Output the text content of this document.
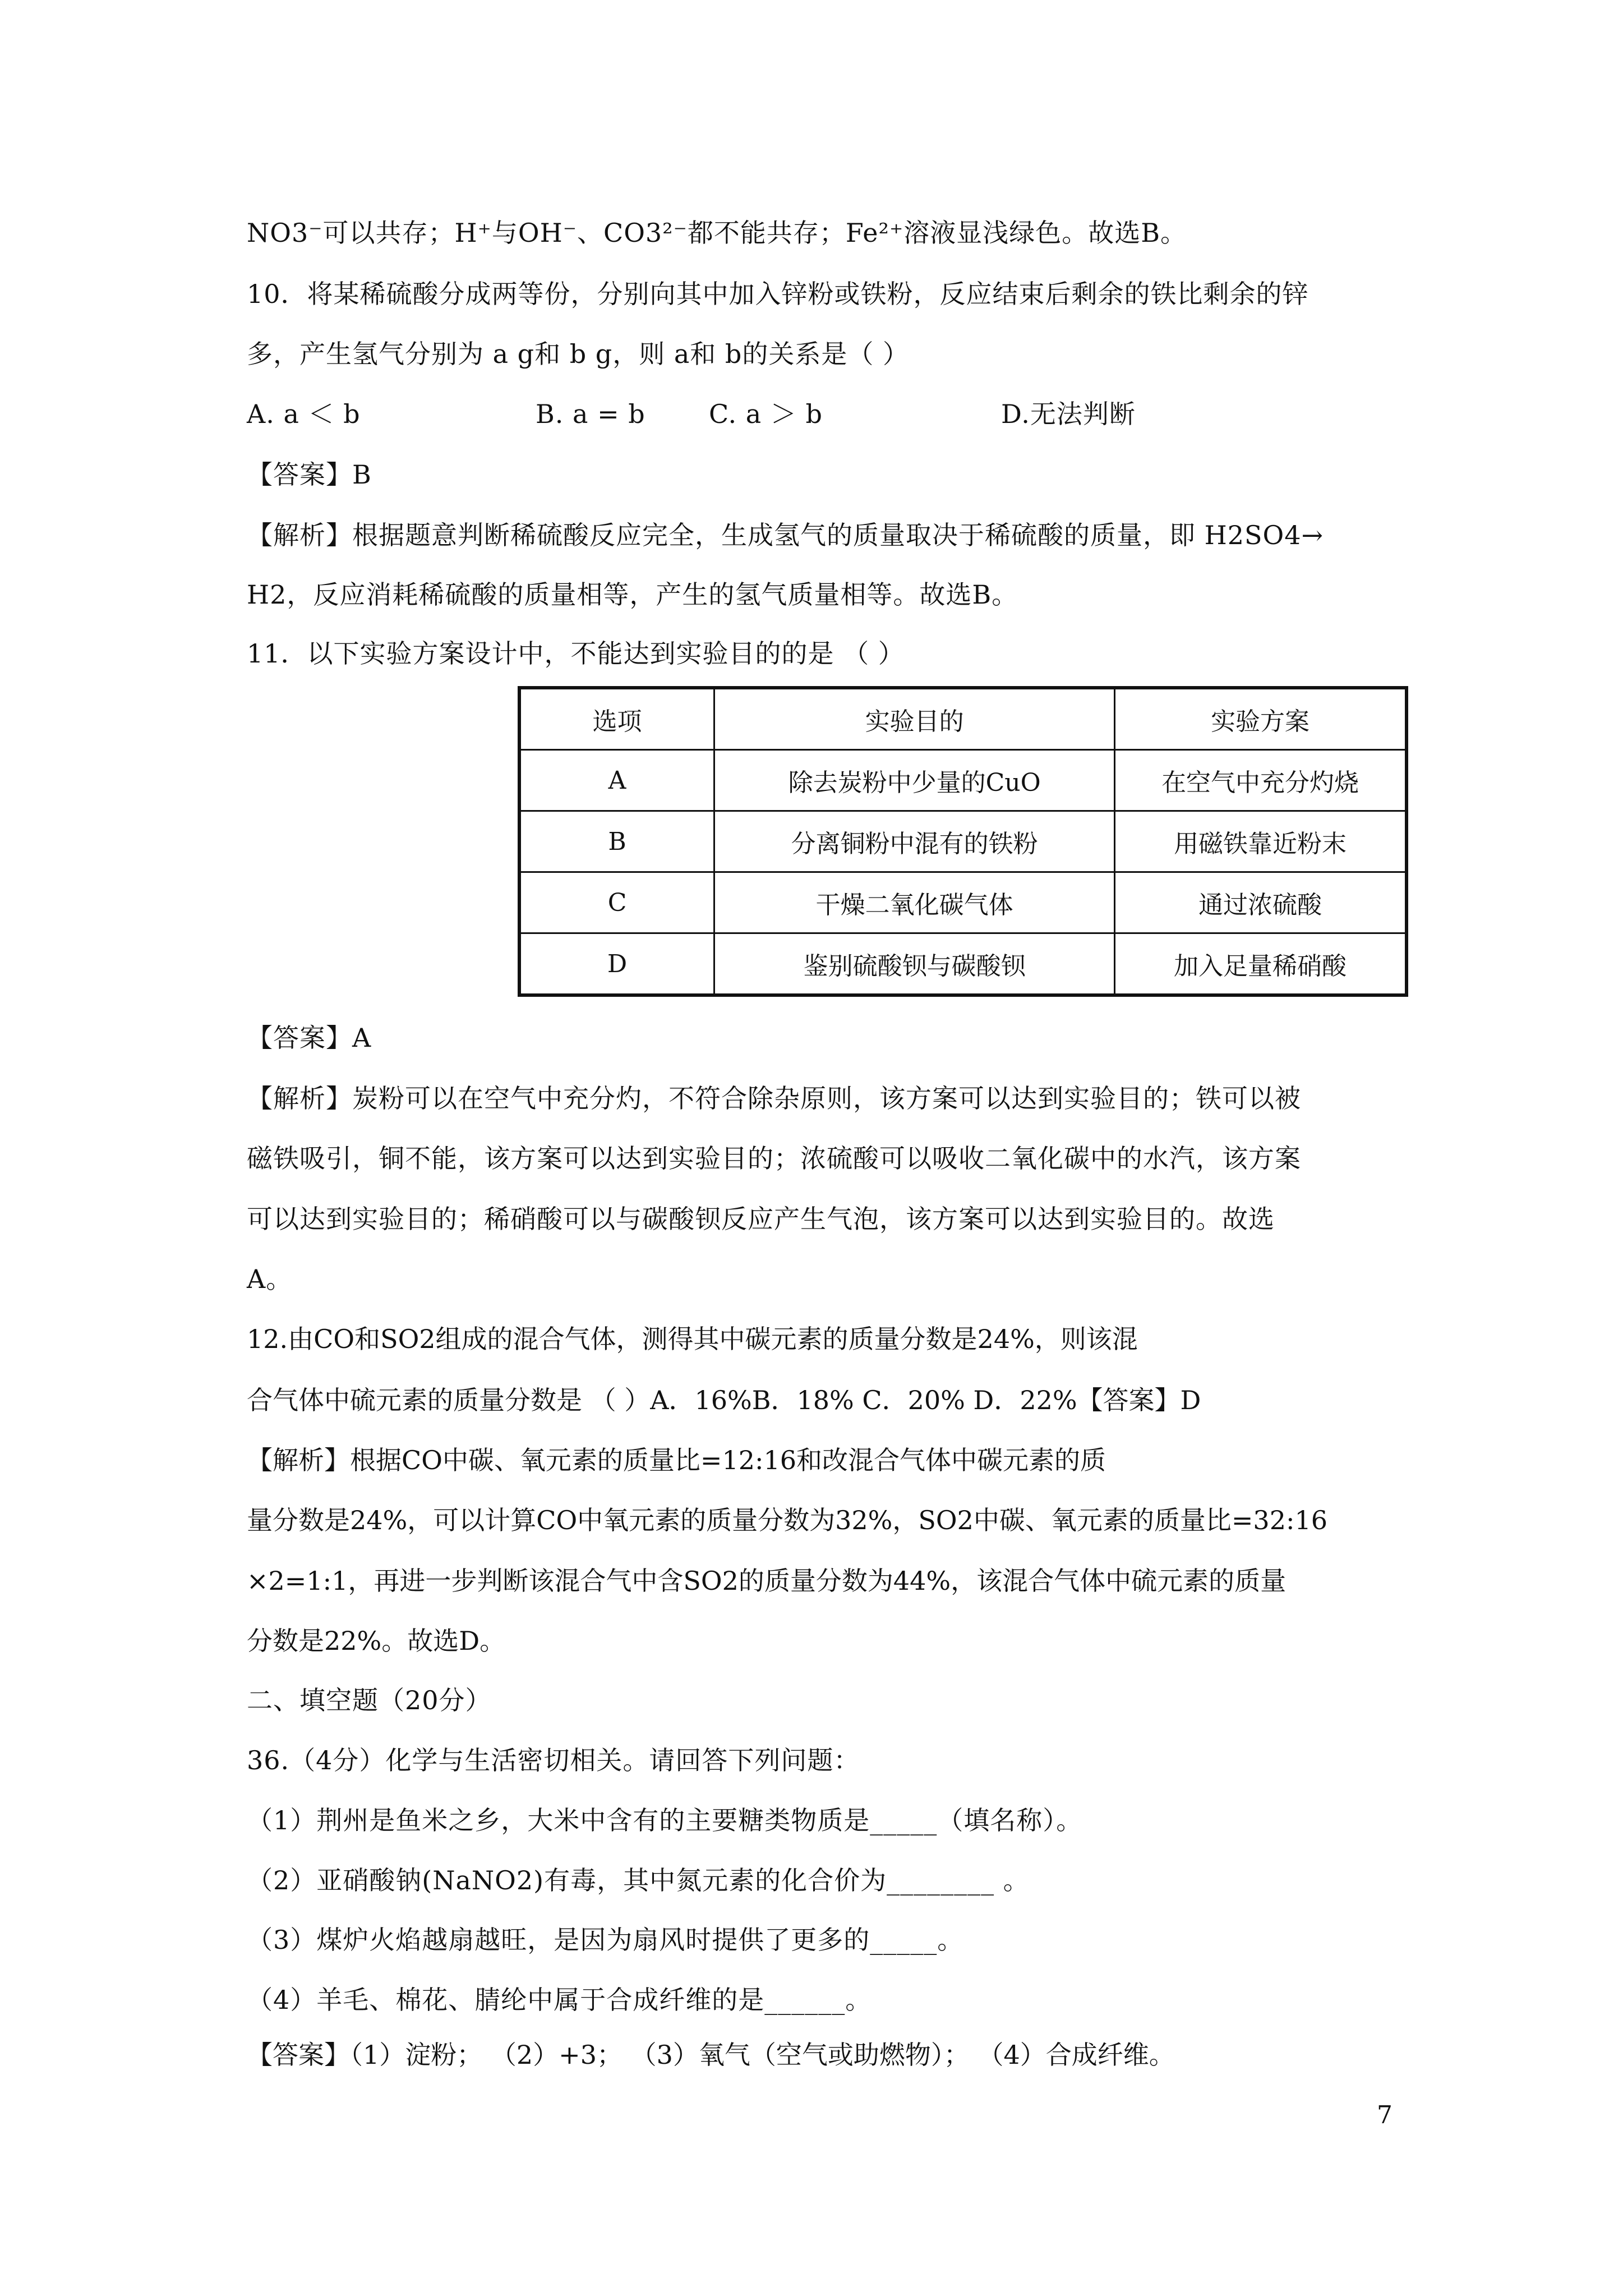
NO3⁻可以共存；H⁺与OH⁻、CO3²⁻都不能共存；Fe²⁺溶液显浅绿色。故选B。
10．将某稀硫酸分成两等份，分别向其中加入锌粉或铁粉，反应结束后剩余的铁比剩余的锌
多，产生氢气分别为 a g和 b g，则 a和 b的关系是（ ）
A. a ＜ b	B. a = b C. a ＞ b	D.无法判断
【答案】B
【解析】根据题意判断稀硫酸反应完全，生成氢气的质量取决于稀硫酸的质量，即 H2SO4→
H2，反应消耗稀硫酸的质量相等，产生的氢气质量相等。故选B。
11．以下实验方案设计中，不能达到实验目的的是 （ ）
选项	实验目的	实验方案
A	除去炭粉中少量的CuO	在空气中充分灼烧
B	分离铜粉中混有的铁粉	用磁铁靠近粉末
C	干燥二氧化碳气体	通过浓硫酸
D	鉴别硫酸钡与碳酸钡	加入足量稀硝酸
【答案】A
【解析】炭粉可以在空气中充分灼，不符合除杂原则，该方案可以达到实验目的；铁可以被
磁铁吸引，铜不能，该方案可以达到实验目的；浓硫酸可以吸收二氧化碳中的水汽，该方案
可以达到实验目的；稀硝酸可以与碳酸钡反应产生气泡，该方案可以达到实验目的。故选
A。
12.由CO和SO2组成的混合气体，测得其中碳元素的质量分数是24%，则该混
合气体中硫元素的质量分数是 （ ）A．16%B．18% C．20% D．22%【答案】D
【解析】根据CO中碳、氧元素的质量比=12:16和改混合气体中碳元素的质
量分数是24%，可以计算CO中氧元素的质量分数为32%，SO2中碳、氧元素的质量比=32:16
×2=1:1，再进一步判断该混合气中含SO2的质量分数为44%，该混合气体中硫元素的质量
分数是22%。故选D。
二、填空题（20分）
36.（4分）化学与生活密切相关。请回答下列问题：
（1）荆州是鱼米之乡，大米中含有的主要糖类物质是_____（填名称）。
（2）亚硝酸钠(NaNO2)有毒，其中氮元素的化合价为________ 。
（3）煤炉火焰越扇越旺，是因为扇风时提供了更多的_____。
（4）羊毛、棉花、腈纶中属于合成纤维的是______。
【答案】（1）淀粉； （2）+3； （3）氧气（空气或助燃物）； （4）合成纤维。
7
